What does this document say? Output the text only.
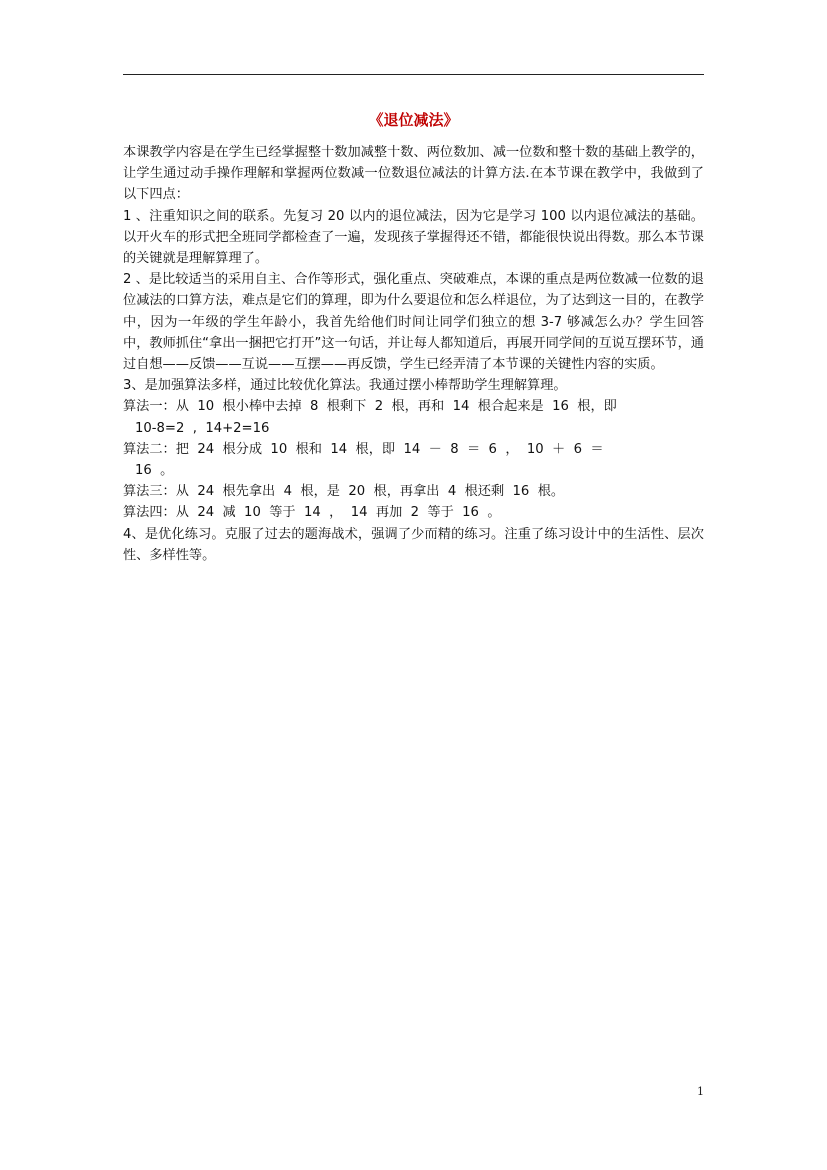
《退位减法》

本课教学内容是在学生已经掌握整十数加减整十数、两位数加、减一位数和整十数的基础上教学的，让学生通过动手操作理解和掌握两位数减一位数退位减法的计算方法.在本节课在教学中，我做到了以下四点：

1 、注重知识之间的联系。先复习 20 以内的退位减法，因为它是学习 100 以内退位减法的基础。以开火车的形式把全班同学都检查了一遍，发现孩子掌握得还不错，都能很快说出得数。那么本节课的关键就是理解算理了。

2 、是比较适当的采用自主、合作等形式，强化重点、突破难点，本课的重点是两位数减一位数的退位减法的口算方法，难点是它们的算理，即为什么要退位和怎么样退位，为了达到这一目的，在教学中，因为一年级的学生年龄小，我首先给他们时间让同学们独立的想 3-7 够减怎么办？学生回答中，教师抓住“拿出一捆把它打开”这一句话，并让每人都知道后，再展开同学间的互说互摆环节，通过自想——反馈——互说——互摆——再反馈，学生已经弄清了本节课的关键性内容的实质。

3、是加强算法多样，通过比较优化算法。我通过摆小棒帮助学生理解算理。

算法一：从  10  根小棒中去掉  8  根剩下  2  根，再和  14  根合起来是  16  根，即

10-8=2  ,  14+2=16

算法二：把  24  根分成  10  根和  14  根，即  14  －  8  ＝  6  ，  10  ＋  6  ＝

16  。

算法三：从  24  根先拿出  4  根，是  20  根，再拿出  4  根还剩  16  根。

算法四：从  24  减  10  等于  14  ，  14  再加  2  等于  16  。

4、是优化练习。克服了过去的题海战术，强调了少而精的练习。注重了练习设计中的生活性、层次性、多样性等。

1
